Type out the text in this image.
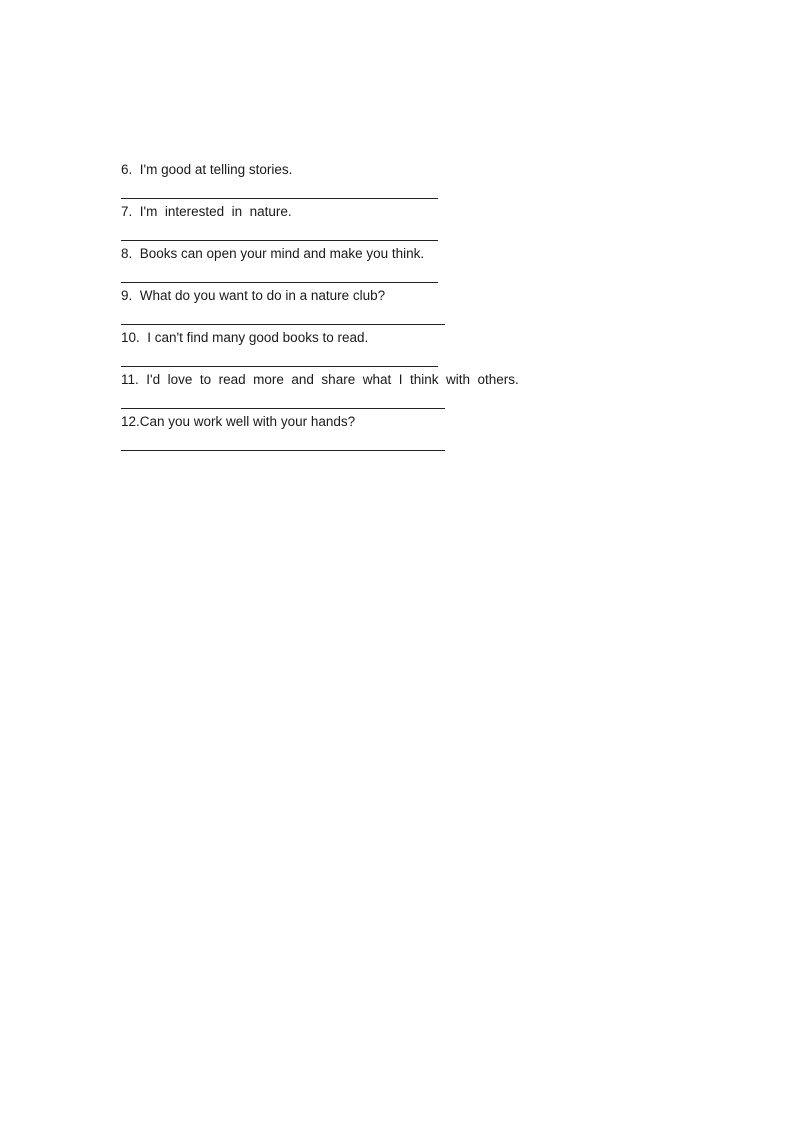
6.  I'm good at telling stories.

7.  I'm  interested  in  nature.

8.  Books can open your mind and make you think.

9.  What do you want to do in a nature club?

10.  I can't find many good books to read.

11.  I'd  love  to  read  more  and  share  what  I  think  with  others.

12.Can you work well with your hands?
